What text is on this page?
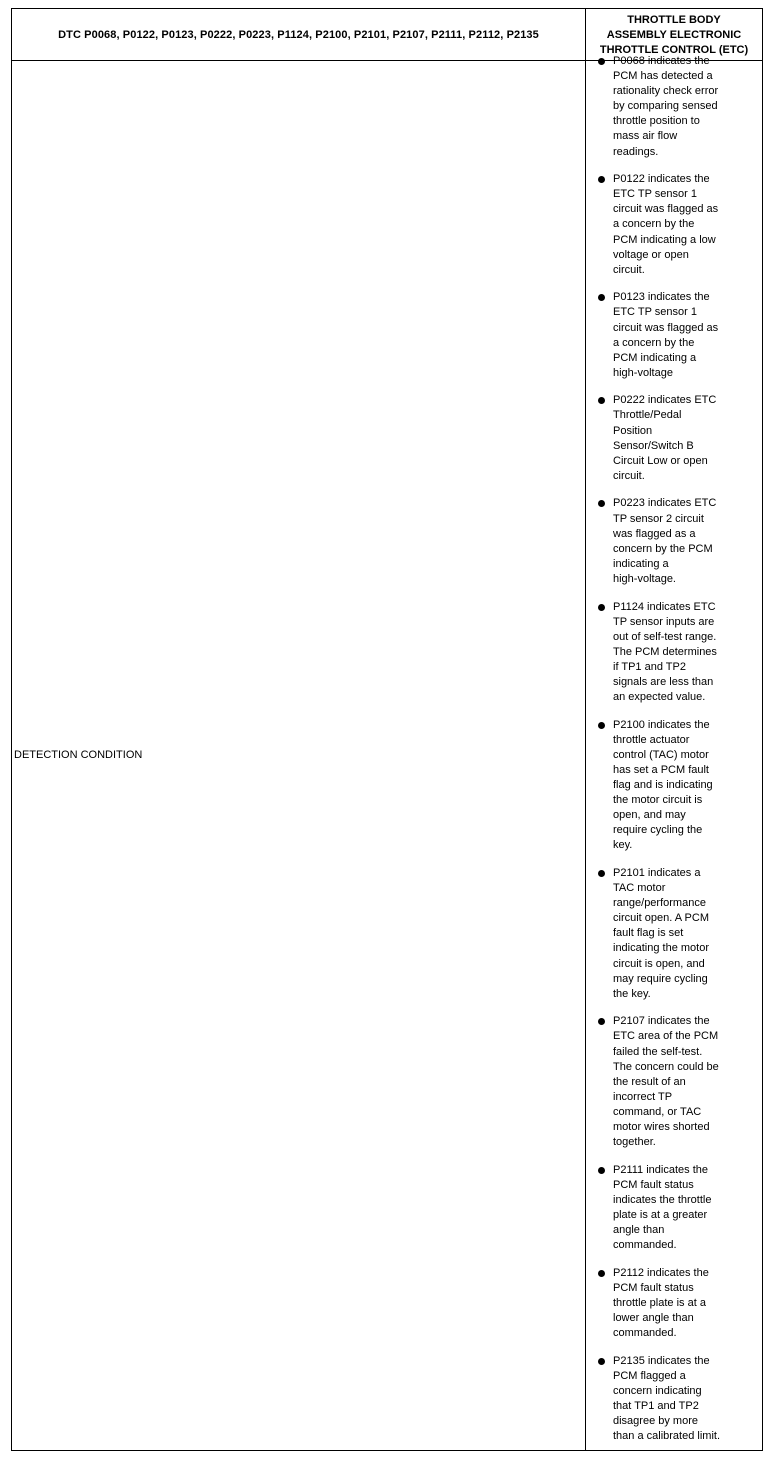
DTC P0068, P0122, P0123, P0222, P0223, P1124, P2100, P2101, P2107, P2111, P2112, P2135
THROTTLE BODY
ASSEMBLY ELECTRONIC
THROTTLE CONTROL (ETC)
DETECTION CONDITION
P0068 indicates the
PCM has detected a
rationality check error
by comparing sensed
throttle position to
mass air flow
readings.
P0122 indicates the
ETC TP sensor 1
circuit was flagged as
a concern by the
PCM indicating a low
voltage or open
circuit.
P0123 indicates the
ETC TP sensor 1
circuit was flagged as
a concern by the
PCM indicating a
high-voltage
P0222 indicates ETC
Throttle/Pedal
Position
Sensor/Switch B
Circuit Low or open
circuit.
P0223 indicates ETC
TP sensor 2 circuit
was flagged as a
concern by the PCM
indicating a
high-voltage.
P1124 indicates ETC
TP sensor inputs are
out of self-test range.
The PCM determines
if TP1 and TP2
signals are less than
an expected value.
P2100 indicates the
throttle actuator
control (TAC) motor
has set a PCM fault
flag and is indicating
the motor circuit is
open, and may
require cycling the
key.
P2101 indicates a
TAC motor
range/performance
circuit open. A PCM
fault flag is set
indicating the motor
circuit is open, and
may require cycling
the key.
P2107 indicates the
ETC area of the PCM
failed the self-test.
The concern could be
the result of an
incorrect TP
command, or TAC
motor wires shorted
together.
P2111 indicates the
PCM fault status
indicates the throttle
plate is at a greater
angle than
commanded.
P2112 indicates the
PCM fault status
throttle plate is at a
lower angle than
commanded.
P2135 indicates the
PCM flagged a
concern indicating
that TP1 and TP2
disagree by more
than a calibrated limit.
